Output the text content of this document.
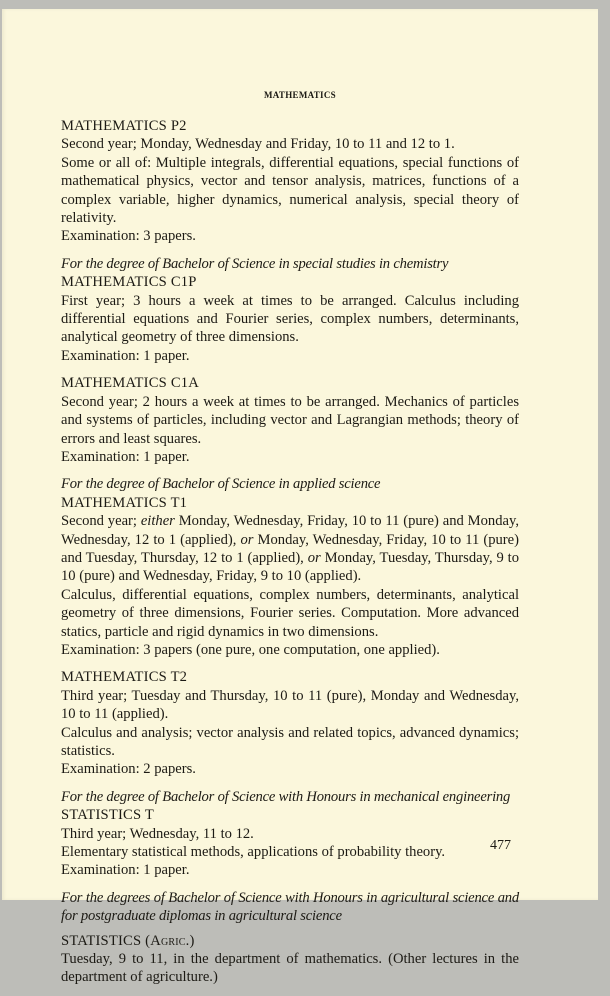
MATHEMATICS

MATHEMATICS P2

Second year; Monday, Wednesday and Friday, 10 to 11 and 12 to 1.

Some or all of: Multiple integrals, differential equations, special functions of mathematical physics, vector and tensor analysis, matrices, functions of a complex variable, higher dynamics, numerical analysis, special theory of relativity.

Examination: 3 papers.

For the degree of Bachelor of Science in special studies in chemistry

MATHEMATICS C1P

First year; 3 hours a week at times to be arranged. Calculus including differential equations and Fourier series, complex numbers, determinants, analytical geometry of three dimensions.

Examination: 1 paper.

MATHEMATICS C1A

Second year; 2 hours a week at times to be arranged. Mechanics of particles and systems of particles, including vector and Lagrangian methods; theory of errors and least squares.

Examination: 1 paper.

For the degree of Bachelor of Science in applied science

MATHEMATICS T1

Second year; either Monday, Wednesday, Friday, 10 to 11 (pure) and Monday, Wednesday, 12 to 1 (applied), or Monday, Wednesday, Friday, 10 to 11 (pure) and Tuesday, Thursday, 12 to 1 (applied), or Monday, Tuesday, Thursday, 9 to 10 (pure) and Wednesday, Friday, 9 to 10 (applied).

Calculus, differential equations, complex numbers, determinants, analytical geometry of three dimensions, Fourier series. Computation. More advanced statics, particle and rigid dynamics in two dimensions.

Examination: 3 papers (one pure, one computation, one applied).

MATHEMATICS T2

Third year; Tuesday and Thursday, 10 to 11 (pure), Monday and Wednesday, 10 to 11 (applied).

Calculus and analysis; vector analysis and related topics, advanced dynamics; statistics.

Examination: 2 papers.

For the degree of Bachelor of Science with Honours in mechanical engineering

STATISTICS T

Third year; Wednesday, 11 to 12.

Elementary statistical methods, applications of probability theory.

Examination: 1 paper.

For the degrees of Bachelor of Science with Honours in agricultural science and for postgraduate diplomas in agricultural science

STATISTICS (Agric.)

Tuesday, 9 to 11, in the department of mathematics. (Other lectures in the department of agriculture.)

477
